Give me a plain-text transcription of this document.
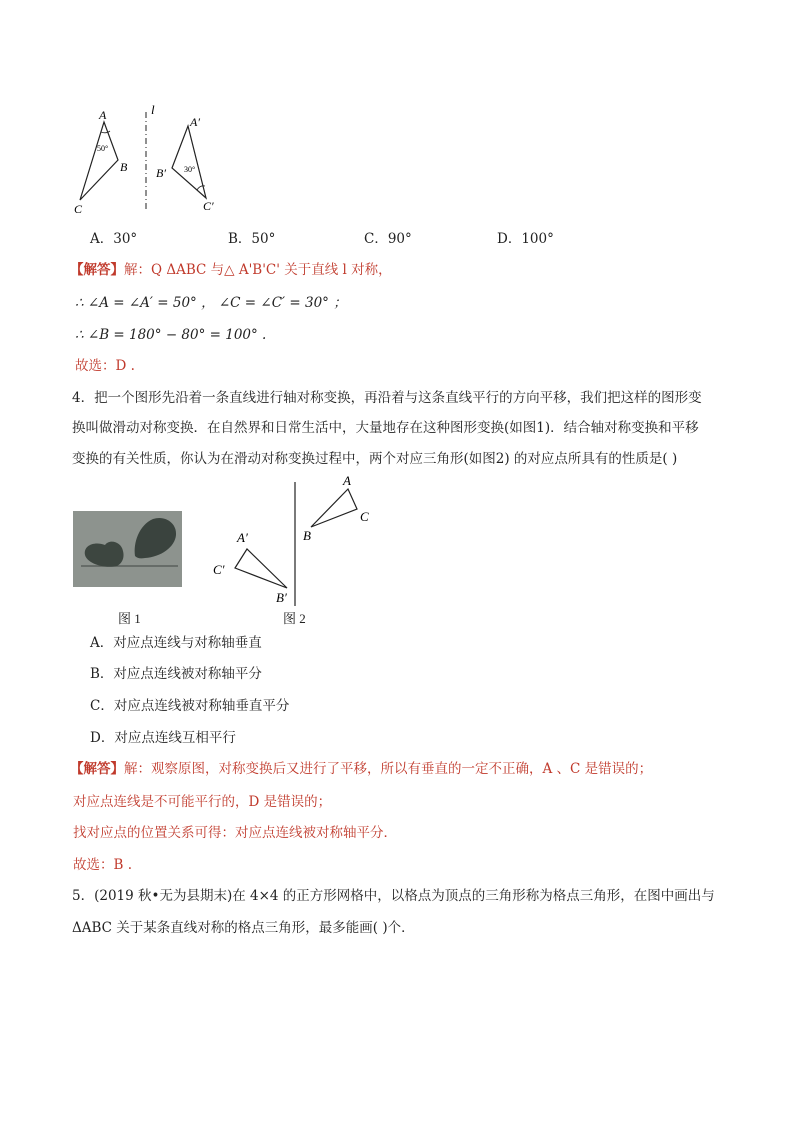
50°
A
B
C
l
30°
A′
B′
C′
A．30°	B．50°	C．90°	D．100°
【解答】解：Q ΔABC 与△ A'B'C' 关于直线 l 对称，
∴ ∠A = ∠A′ = 50° ， ∠C = ∠C′ = 30° ；
∴ ∠B = 180° − 80° = 100° .
故选：D .
4．把一个图形先沿着一条直线进行轴对称变换，再沿着与这条直线平行的方向平移，我们把这样的图形变
换叫做滑动对称变换．在自然界和日常生活中，大量地存在这种图形变换(如图1)．结合轴对称变换和平移
变换的有关性质，你认为在滑动对称变换过程中，两个对应三角形(如图2) 的对应点所具有的性质是( )
A
B
C
A′
C′
B′
图 1	图 2
A．对应点连线与对称轴垂直
B．对应点连线被对称轴平分
C．对应点连线被对称轴垂直平分
D．对应点连线互相平行
【解答】解：观察原图，对称变换后又进行了平移，所以有垂直的一定不正确，A 、C 是错误的；
对应点连线是不可能平行的，D 是错误的；
找对应点的位置关系可得：对应点连线被对称轴平分．
故选：B .
5．(2019 秋•无为县期末)在 4×4 的正方形网格中，以格点为顶点的三角形称为格点三角形，在图中画出与
ΔABC 关于某条直线对称的格点三角形，最多能画( )个．
